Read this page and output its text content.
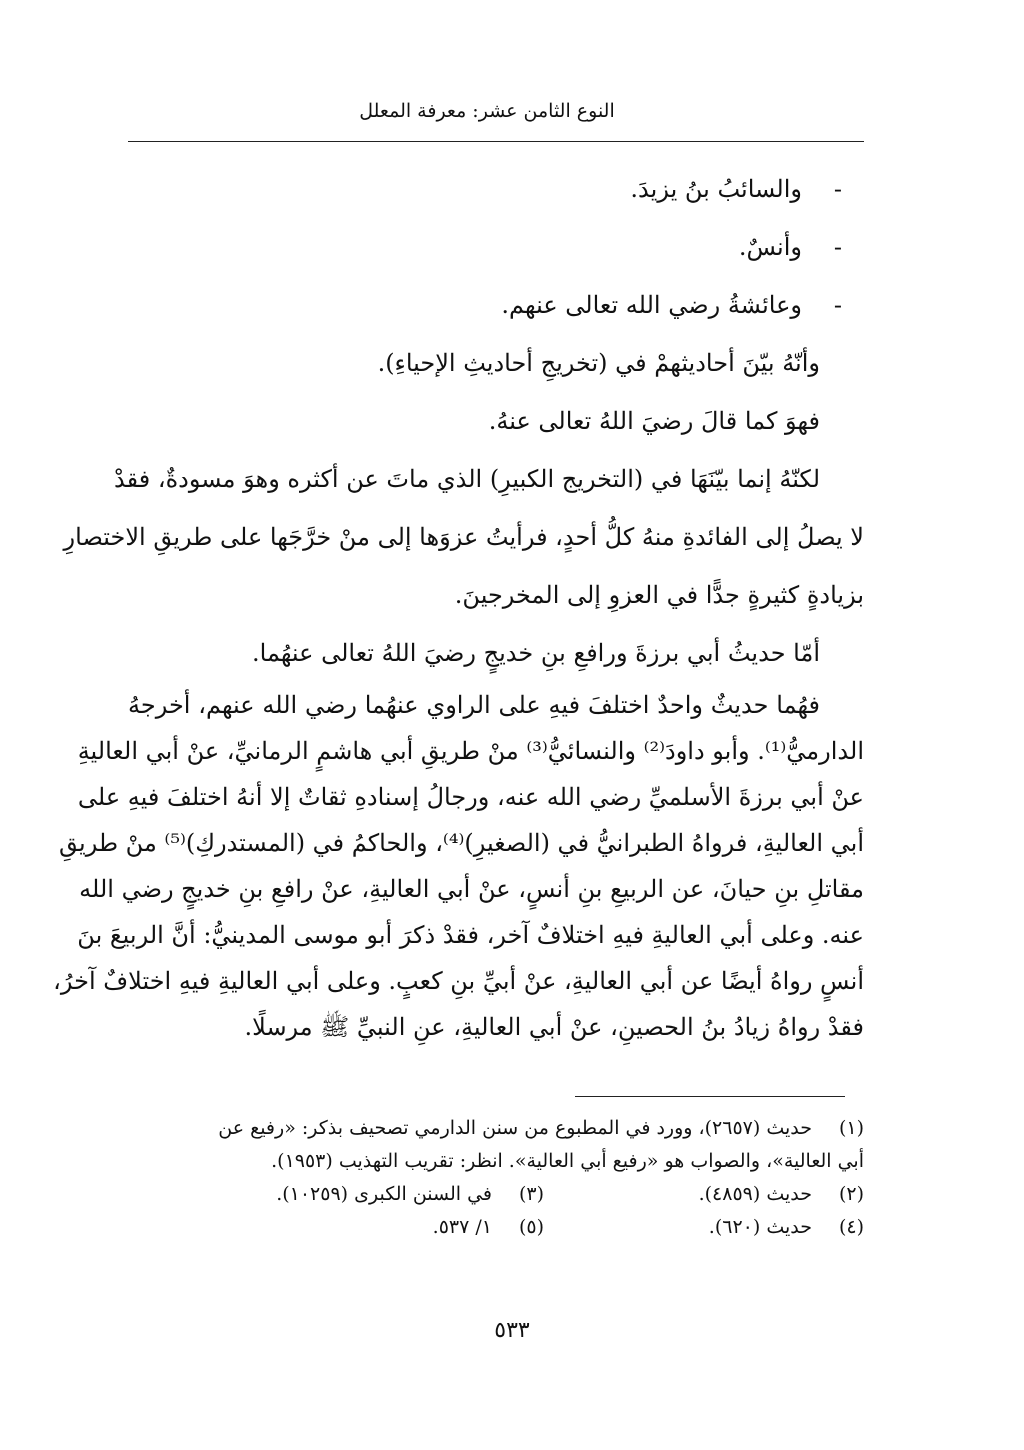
النوع الثامن عشر: معرفة المعلل
-والسائبُ بنُ يزيدَ.
-وأنسٌ.
-وعائشةُ رضي الله تعالى عنهم.
وأنّهُ بيّنَ أحاديثهمْ في (تخريجِ أحاديثِ الإحياءِ).
فهوَ كما قالَ رضيَ اللهُ تعالى عنهُ.
لكنّهُ إنما بيّنَهَا في (التخريج الكبيرِ) الذي ماتَ عن أكثره وهوَ مسودةٌ، فقدْ
لا يصلُ إلى الفائدةِ منهُ كلُّ أحدٍ، فرأيتُ عزوَها إلى منْ خرَّجَها على طريقِ الاختصارِ
بزيادةٍ كثيرةٍ جدًّا في العزوِ إلى المخرجينَ.
أمّا حديثُ أبي برزةَ ورافعِ بنِ خديجٍ رضيَ اللهُ تعالى عنهُما.
فهُما حديثٌ واحدٌ اختلفَ فيهِ على الراوي عنهُما رضي الله عنهم، أخرجهُ
الدارميُّ⁽¹⁾. وأبو داودَ⁽²⁾ والنسائيُّ⁽³⁾ منْ طريقِ أبي هاشمٍ الرمانيِّ، عنْ أبي العاليةِ
عنْ أبي برزةَ الأسلميِّ رضي الله عنه، ورجالُ إسنادهِ ثقاتٌ إلا أنهُ اختلفَ فيهِ على
أبي العاليةِ، فرواهُ الطبرانيُّ في (الصغيرِ)⁽⁴⁾، والحاكمُ في (المستدركِ)⁽⁵⁾ منْ طريقِ
مقاتلِ بنِ حيانَ، عن الربيعِ بنِ أنسٍ، عنْ أبي العاليةِ، عنْ رافعِ بنِ خديجٍ رضي الله
عنه. وعلى أبي العاليةِ فيهِ اختلافٌ آخر، فقدْ ذكرَ أبو موسى المدينيُّ: أنَّ الربيعَ بنَ
أنسٍ رواهُ أيضًا عن أبي العاليةِ، عنْ أبيِّ بنِ كعبٍ. وعلى أبي العاليةِ فيهِ اختلافٌ آخرُ،
فقدْ رواهُ زيادُ بنُ الحصينِ، عنْ أبي العاليةِ، عنِ النبيِّ ﷺ مرسلًا.
(١)حديث (٢٦٥٧)، وورد في المطبوع من سنن الدارمي تصحيف بذكر: «رفيع عن
أبي العالية»، والصواب هو «رفيع أبي العالية». انظر: تقريب التهذيب (١٩٥٣).
(٢)حديث (٤٨٥٩).
(٣)في السنن الكبرى (١٠٢٥٩).
(٤)حديث (٦٢٠).
(٥)١/ ٥٣٧.
٥٣٣
